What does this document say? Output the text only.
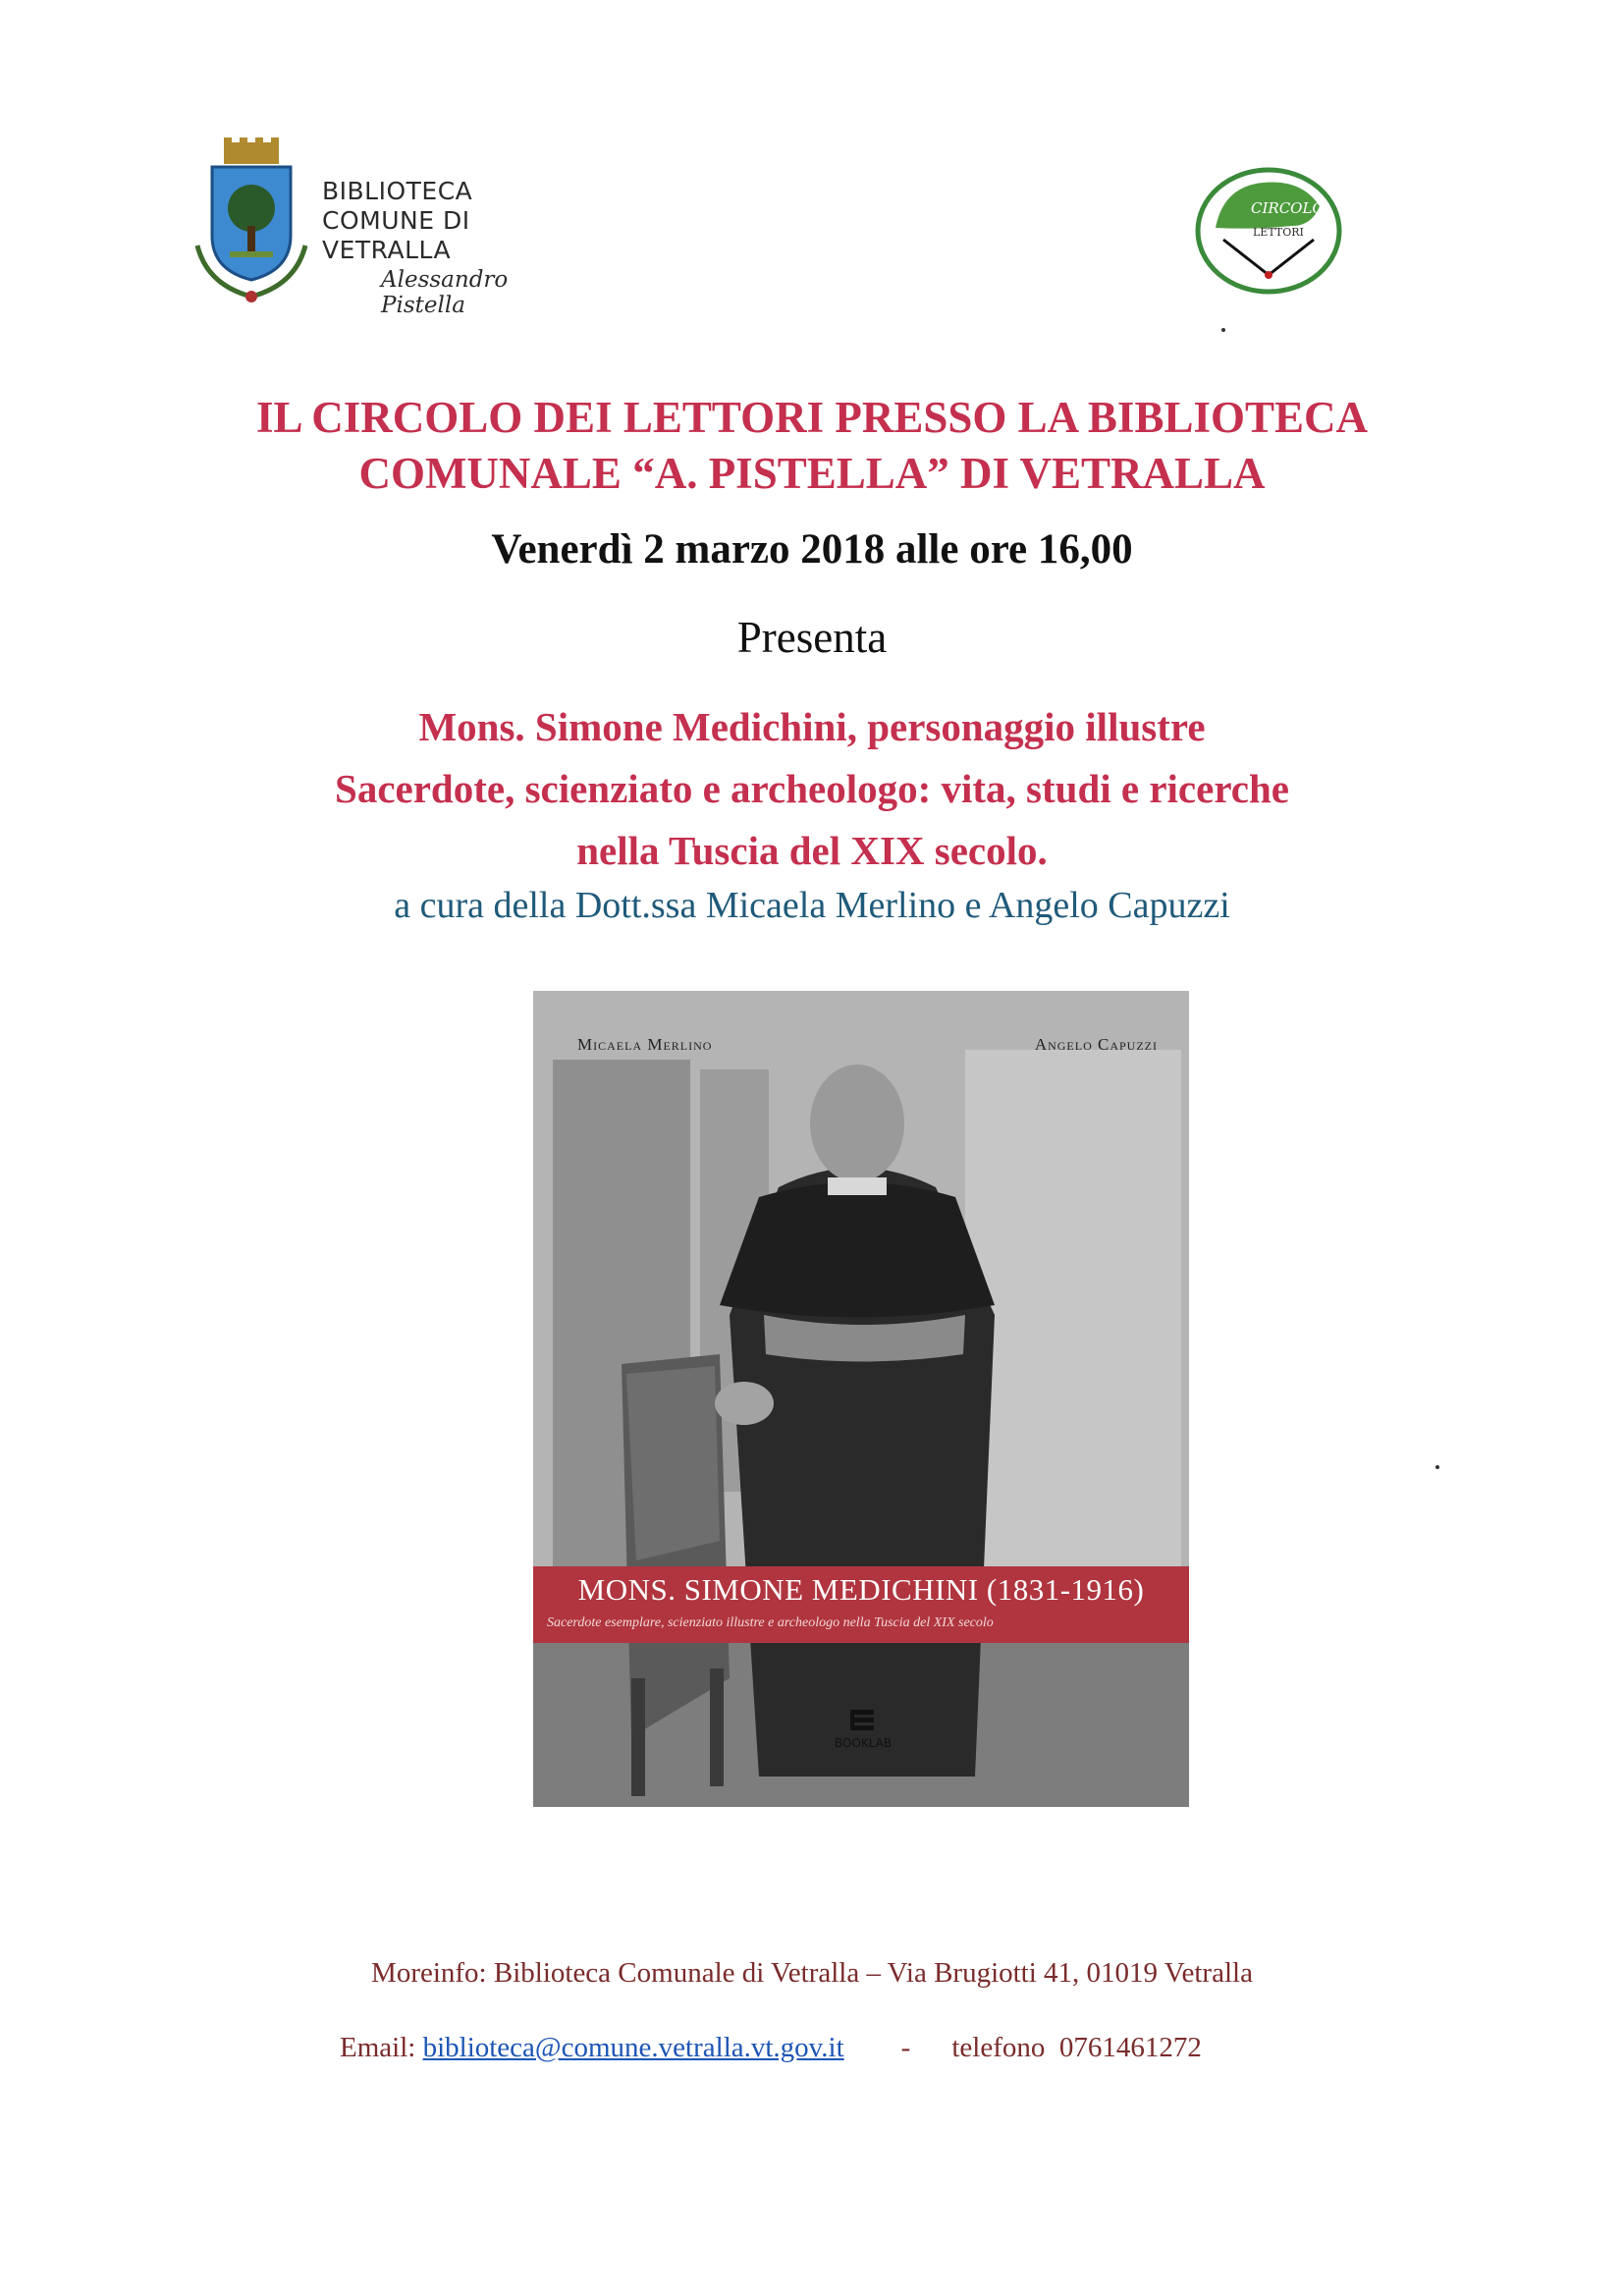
BIBLIOTECA
COMUNE DI VETRALLA
Alessandro Pistella
CIRCOLO
LETTORI
IL CIRCOLO DEI LETTORI PRESSO LA BIBLIOTECA
COMUNALE “A. PISTELLA” DI VETRALLA
Venerdì 2 marzo 2018 alle ore 16,00
Presenta
Mons. Simone Medichini, personaggio illustre
Sacerdote, scienziato e archeologo: vita, studi e ricerche
nella Tuscia del XIX secolo.
a cura della Dott.ssa Micaela Merlino e Angelo Capuzzi
Micaela Merlino	Angelo Capuzzi
MONS. SIMONE MEDICHINI (1831-1916)
Sacerdote esemplare, scienziato illustre e archeologo nella Tuscia del XIX secolo
BOOKLAB
Moreinfo: Biblioteca Comunale di Vetralla – Via Brugiotti 41, 01019 Vetralla
Email: biblioteca@comune.vetralla.vt.gov.it - telefono  0761461272
